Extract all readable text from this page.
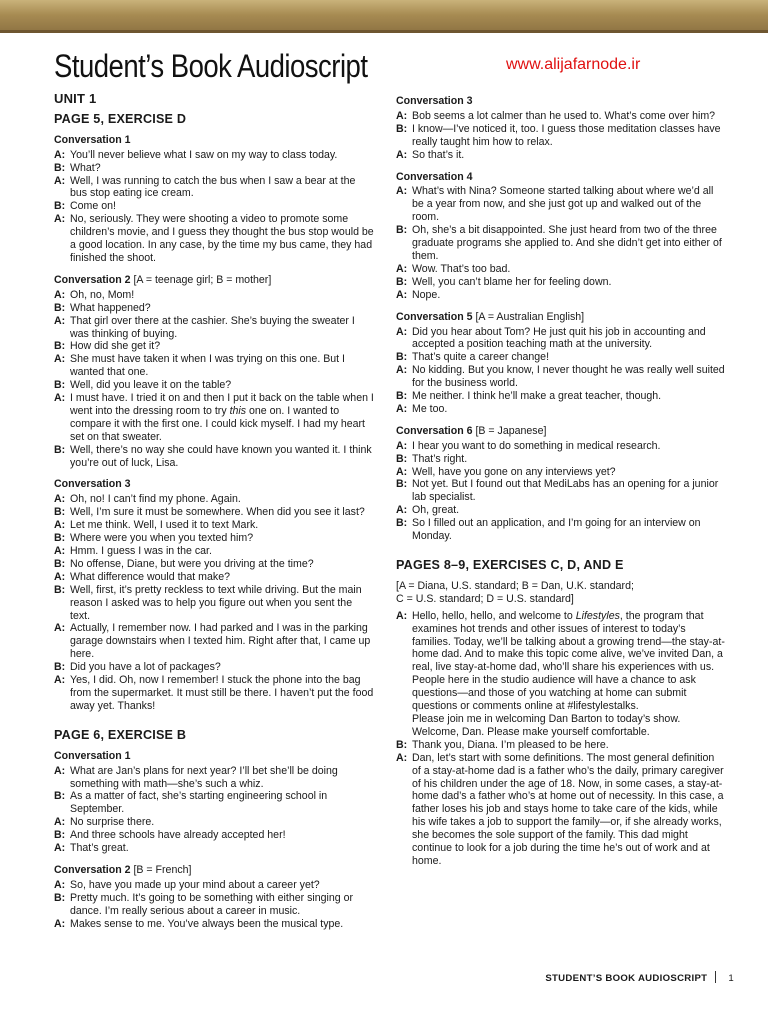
Student’s Book Audioscript	www.alijafarnode.ir
UNIT 1
PAGE 5, EXERCISE D
Conversation 1
A: You’ll never believe what I saw on my way to class today.
B: What?
A: Well, I was running to catch the bus when I saw a bear at the bus stop eating ice cream.
B: Come on!
A: No, seriously. They were shooting a video to promote some children’s movie, and I guess they thought the bus stop would be a good location. In any case, by the time my bus came, they had finished the shoot.
Conversation 2 [A = teenage girl; B = mother]
A: Oh, no, Mom!
B: What happened?
A: That girl over there at the cashier. She’s buying the sweater I was thinking of buying.
B: How did she get it?
A: She must have taken it when I was trying on this one. But I wanted that one.
B: Well, did you leave it on the table?
A: I must have. I tried it on and then I put it back on the table when I went into the dressing room to try this one on. I wanted to compare it with the first one. I could kick myself. I had my heart set on that sweater.
B: Well, there’s no way she could have known you wanted it. I think you’re out of luck, Lisa.
Conversation 3
A: Oh, no! I can’t find my phone. Again.
B: Well, I’m sure it must be somewhere. When did you see it last?
A: Let me think. Well, I used it to text Mark.
B: Where were you when you texted him?
A: Hmm. I guess I was in the car.
B: No offense, Diane, but were you driving at the time?
A: What difference would that make?
B: Well, first, it’s pretty reckless to text while driving. But the main reason I asked was to help you figure out when you sent the text.
A: Actually, I remember now. I had parked and I was in the parking garage downstairs when I texted him. Right after that, I came up here.
B: Did you have a lot of packages?
A: Yes, I did. Oh, now I remember! I stuck the phone into the bag from the supermarket. It must still be there. I haven’t put the food away yet. Thanks!
PAGE 6, EXERCISE B
Conversation 1
A: What are Jan’s plans for next year? I’ll bet she’ll be doing something with math—she’s such a whiz.
B: As a matter of fact, she’s starting engineering school in September.
A: No surprise there.
B: And three schools have already accepted her!
A: That’s great.
Conversation 2 [B = French]
A: So, have you made up your mind about a career yet?
B: Pretty much. It’s going to be something with either singing or dance. I’m really serious about a career in music.
A: Makes sense to me. You’ve always been the musical type.
Conversation 3
A: Bob seems a lot calmer than he used to. What’s come over him?
B: I know—I’ve noticed it, too. I guess those meditation classes have really taught him how to relax.
A: So that’s it.
Conversation 4
A: What’s with Nina? Someone started talking about where we’d all be a year from now, and she just got up and walked out of the room.
B: Oh, she’s a bit disappointed. She just heard from two of the three graduate programs she applied to. And she didn’t get into either of them.
A: Wow. That’s too bad.
B: Well, you can’t blame her for feeling down.
A: Nope.
Conversation 5 [A = Australian English]
A: Did you hear about Tom? He just quit his job in accounting and accepted a position teaching math at the university.
B: That’s quite a career change!
A: No kidding. But you know, I never thought he was really well suited for the business world.
B: Me neither. I think he’ll make a great teacher, though.
A: Me too.
Conversation 6 [B = Japanese]
A: I hear you want to do something in medical research.
B: That’s right.
A: Well, have you gone on any interviews yet?
B: Not yet. But I found out that MediLabs has an opening for a junior lab specialist.
A: Oh, great.
B: So I filled out an application, and I’m going for an interview on Monday.
PAGES 8–9, EXERCISES C, D, AND E
[A = Diana, U.S. standard; B = Dan, U.K. standard;
C = U.S. standard; D = U.S. standard]
A: Hello, hello, hello, and welcome to Lifestyles, the program that examines hot trends and other issues of interest to today’s families. Today, we’ll be talking about a growing trend—the stay-at-home dad. And to make this topic come alive, we’ve invited Dan, a real, live stay-at-home dad, who’ll share his experiences with us. People here in the studio audience will have a chance to ask questions—and those of you watching at home can submit questions or comments online at #lifestylestalks.
Please join me in welcoming Dan Barton to today’s show. Welcome, Dan. Please make yourself comfortable.
B: Thank you, Diana. I’m pleased to be here.
A: Dan, let’s start with some definitions. The most general definition of a stay-at-home dad is a father who’s the daily, primary caregiver of his children under the age of 18. Now, in some cases, a stay-at-home dad’s a father who’s at home out of necessity. In this case, a father loses his job and stays home to take care of the kids, while his wife takes a job to support the family—or, if she already works, she becomes the sole support of the family. This dad might continue to look for a job during the time he’s out of work and at home.
STUDENT’S BOOK AUDIOSCRIPT 1
